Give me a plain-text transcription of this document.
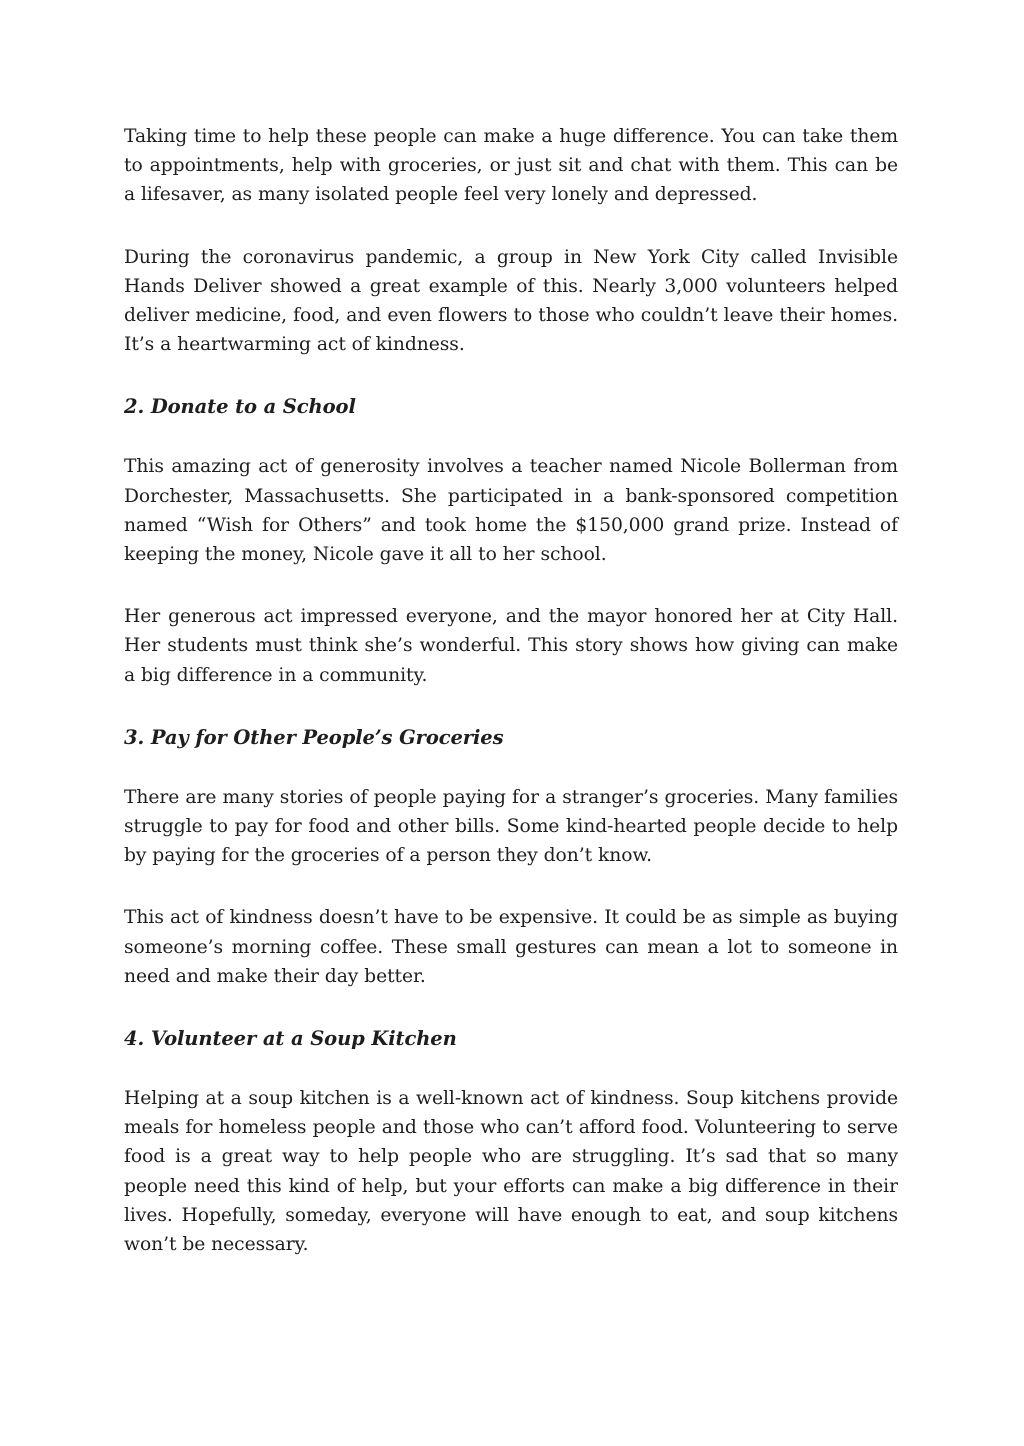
Taking time to help these people can make a huge difference. You can take them to appointments, help with groceries, or just sit and chat with them. This can be a lifesaver, as many isolated people feel very lonely and depressed.

During the coronavirus pandemic, a group in New York City called Invisible Hands Deliver showed a great example of this. Nearly 3,000 volunteers helped deliver medicine, food, and even flowers to those who couldn’t leave their homes. It’s a heartwarming act of kindness.

2. Donate to a School

This amazing act of generosity involves a teacher named Nicole Bollerman from Dorchester, Massachusetts. She participated in a bank-sponsored competition named “Wish for Others” and took home the $150,000 grand prize. Instead of keeping the money, Nicole gave it all to her school.

Her generous act impressed everyone, and the mayor honored her at City Hall. Her students must think she’s wonderful. This story shows how giving can make a big difference in a community.

3. Pay for Other People’s Groceries

There are many stories of people paying for a stranger’s groceries. Many families struggle to pay for food and other bills. Some kind-hearted people decide to help by paying for the groceries of a person they don’t know.

This act of kindness doesn’t have to be expensive. It could be as simple as buying someone’s morning coffee. These small gestures can mean a lot to someone in need and make their day better.

4. Volunteer at a Soup Kitchen

Helping at a soup kitchen is a well-known act of kindness. Soup kitchens provide meals for homeless people and those who can’t afford food. Volunteering to serve food is a great way to help people who are struggling. It’s sad that so many people need this kind of help, but your efforts can make a big difference in their lives. Hopefully, someday, everyone will have enough to eat, and soup kitchens won’t be necessary.
